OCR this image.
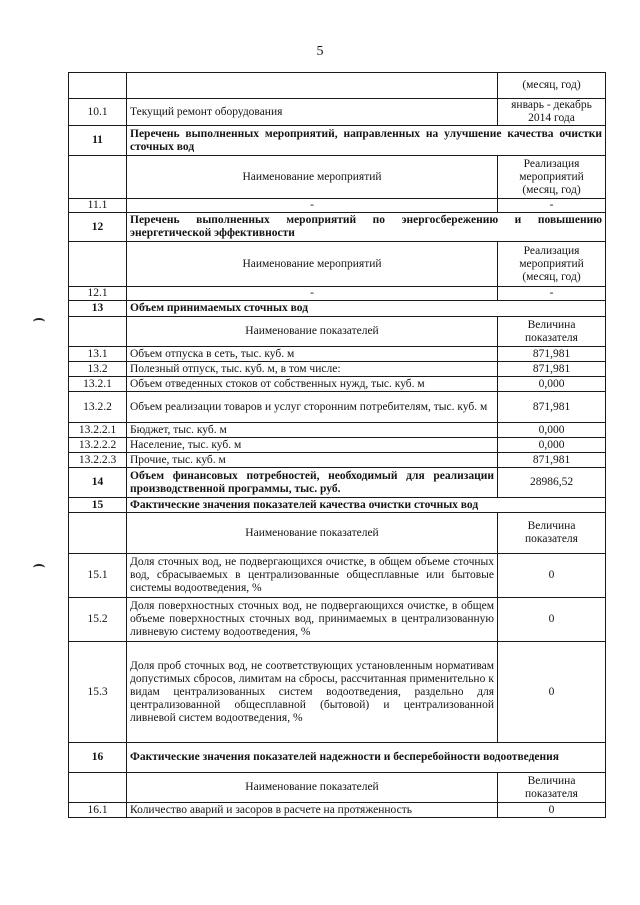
5
		(месяц, год)
10.1	Текущий ремонт оборудования	январь - декабрь 2014 года
11	Перечень выполненных мероприятий, направленных на улучшение качества очистки сточных вод	
	Наименование мероприятий	Реализация мероприятий (месяц, год)
11.1	-	-
12	Перечень выполненных мероприятий по энергосбережению и повышению энергетической эффективности	
	Наименование мероприятий	Реализация мероприятий (месяц, год)
12.1	-	-
13	Объем принимаемых сточных вод	
	Наименование показателей	Величина показателя
13.1	Объем отпуска в сеть, тыс. куб. м	871,981
13.2	Полезный отпуск, тыс. куб. м, в том числе:	871,981
13.2.1	Объем отведенных стоков от собственных нужд, тыс. куб. м	0,000
13.2.2	Объем реализации товаров и услуг сторонним потребителям, тыс. куб. м	871,981
13.2.2.1	Бюджет, тыс. куб. м	0,000
13.2.2.2	Население, тыс. куб. м	0,000
13.2.2.3	Прочие, тыс. куб. м	871,981
14	Объем финансовых потребностей, необходимый для реализации производственной программы, тыс. руб.	28986,52
15	Фактические значения показателей качества очистки сточных вод	
	Наименование показателей	Величина показателя
15.1	Доля сточных вод, не подвергающихся очистке, в общем объеме сточных вод, сбрасываемых в централизованные общесплавные или бытовые системы водоотведения, %	0
15.2	Доля поверхностных сточных вод, не подвергающихся очистке, в общем объеме поверхностных сточных вод, принимаемых в централизованную ливневую систему водоотведения, %	0
15.3	Доля проб сточных вод, не соответствующих установленным нормативам допустимых сбросов, лимитам на сбросы, рассчитанная применительно к видам централизованных систем водоотведения, раздельно для централизованной общесплавной (бытовой) и централизованной ливневой систем водоотведения, %	0
16	Фактические значения показателей надежности и бесперебойности водоотведения	
	Наименование показателей	Величина показателя
16.1	Количество аварий и засоров в расчете на протяженность	0
